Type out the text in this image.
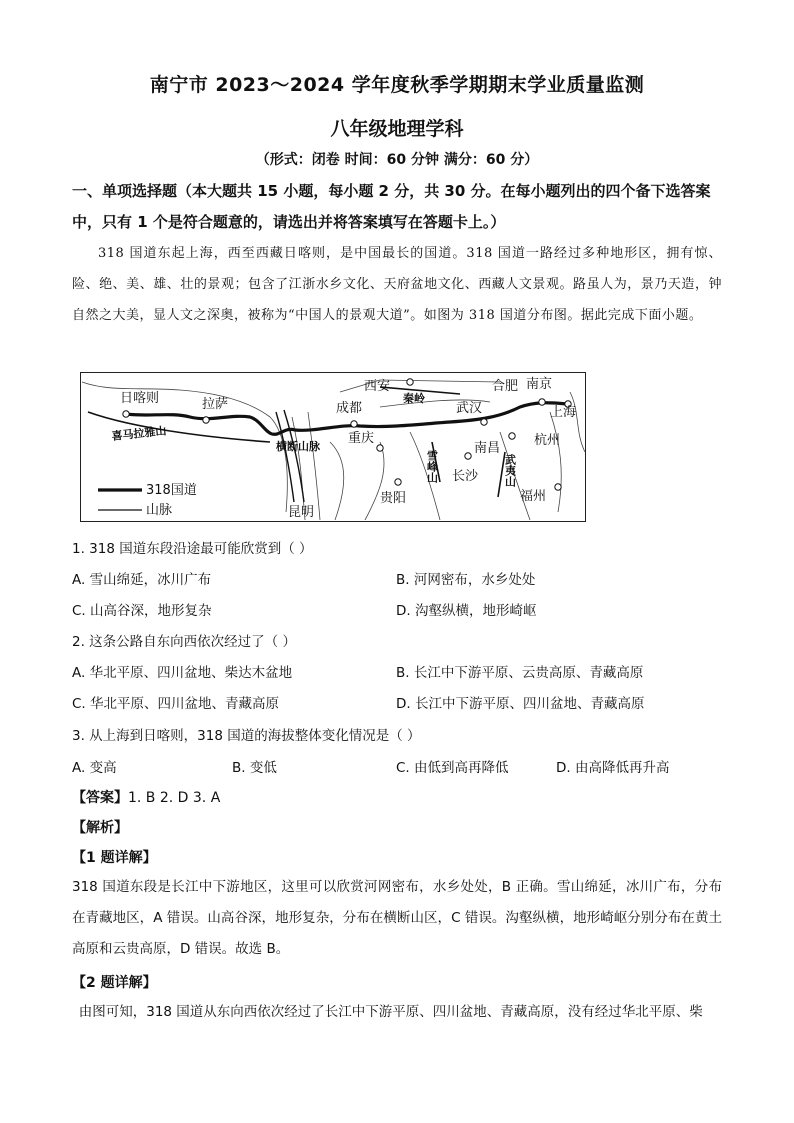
南宁市 2023～2024 学年度秋季学期期末学业质量监测
八年级地理学科
（形式：闭卷 时间：60 分钟 满分：60 分）
一、单项选择题（本大题共 15 小题，每小题 2 分，共 30 分。在每小题列出的四个备下选答案中，只有 1 个是符合题意的，请选出并将答案填写在答题卡上。）
318 国道东起上海，西至西藏日喀则，是中国最长的国道。318 国道一路经过多种地形区，拥有惊、险、绝、美、雄、壮的景观；包含了江浙水乡文化、天府盆地文化、西藏人文景观。路虽人为，景乃天造，钟自然之大美，显人文之深奥，被称为“中国人的景观大道”。如图为 318 国道分布图。据此完成下面小题。
日喀则	拉萨
西安	合肥 南京
上海
成都	武汉
重庆
南昌
杭州
长沙
贵阳	福州
昆明
秦岭
横断山脉
喜马拉雅山
雪峰山	武夷山
318国道
山脉
1. 318 国道东段沿途最可能欣赏到（ ）
A. 雪山绵延，冰川广布	B. 河网密布，水乡处处
C. 山高谷深，地形复杂	D. 沟壑纵横，地形崎岖
2. 这条公路自东向西依次经过了（ ）
A. 华北平原、四川盆地、柴达木盆地	B. 长江中下游平原、云贵高原、青藏高原
C. 华北平原、四川盆地、青藏高原	D. 长江中下游平原、四川盆地、青藏高原
3. 从上海到日喀则，318 国道的海拔整体变化情况是（ ）
A. 变高	B. 变低	C. 由低到高再降低	D. 由高降低再升高
【答案】1. B 2. D 3. A
【解析】
【1 题详解】
318 国道东段是长江中下游地区，这里可以欣赏河网密布，水乡处处，B 正确。雪山绵延，冰川广布，分布在青藏地区，A 错误。山高谷深，地形复杂，分布在横断山区，C 错误。沟壑纵横，地形崎岖分别分布在黄土高原和云贵高原，D 错误。故选 B。
【2 题详解】
由图可知，318 国道从东向西依次经过了长江中下游平原、四川盆地、青藏高原，没有经过华北平原、柴
